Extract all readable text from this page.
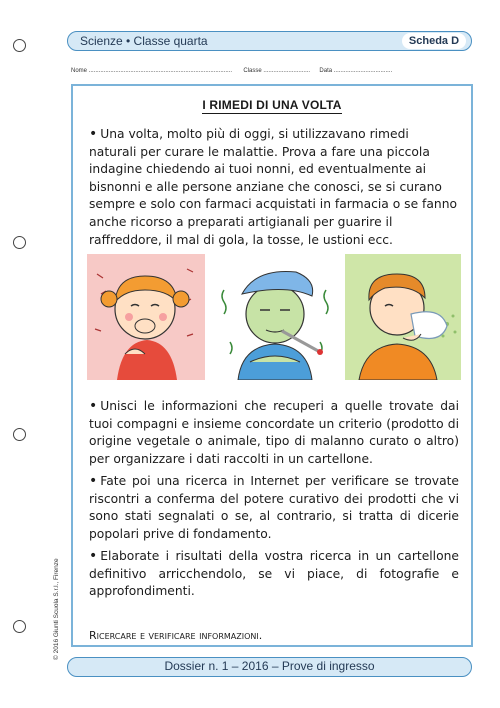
Scienze • Classe quarta	Scheda D
Nome ...................................................................................... Classe ............................ Data ...................................
I RIMEDI DI UNA VOLTA
• Una volta, molto più di oggi, si utilizzavano rimedi naturali per curare le malattie. Prova a fare una piccola indagine chiedendo ai tuoi nonni, ed eventualmente ai bisnonni e alle persone anziane che conosci, se si curano sempre e solo con farmaci acquistati in farmacia o se fanno anche ricorso a preparati artigianali per guarire il raffreddore, il mal di gola, la tosse, le ustioni ecc.
• Unisci le informazioni che recuperi a quelle trovate dai tuoi compagni e insieme concordate un criterio (prodotto di origine vegetale o animale, tipo di malanno curato o altro) per organizzare i dati raccolti in un cartellone.
• Fate poi una ricerca in Internet per verificare se trovate riscontri a conferma del potere curativo dei prodotti che vi sono stati segnalati o se, al contrario, si tratta di dicerie popolari prive di fondamento.
• Elaborate i risultati della vostra ricerca in un cartellone definitivo arricchendolo, se vi piace, di fotografie e approfondimenti.
Ricercare e verificare informazioni.
© 2016 Giunti Scuola S.r.l., Firenze
Dossier n. 1 – 2016 – Prove di ingresso
